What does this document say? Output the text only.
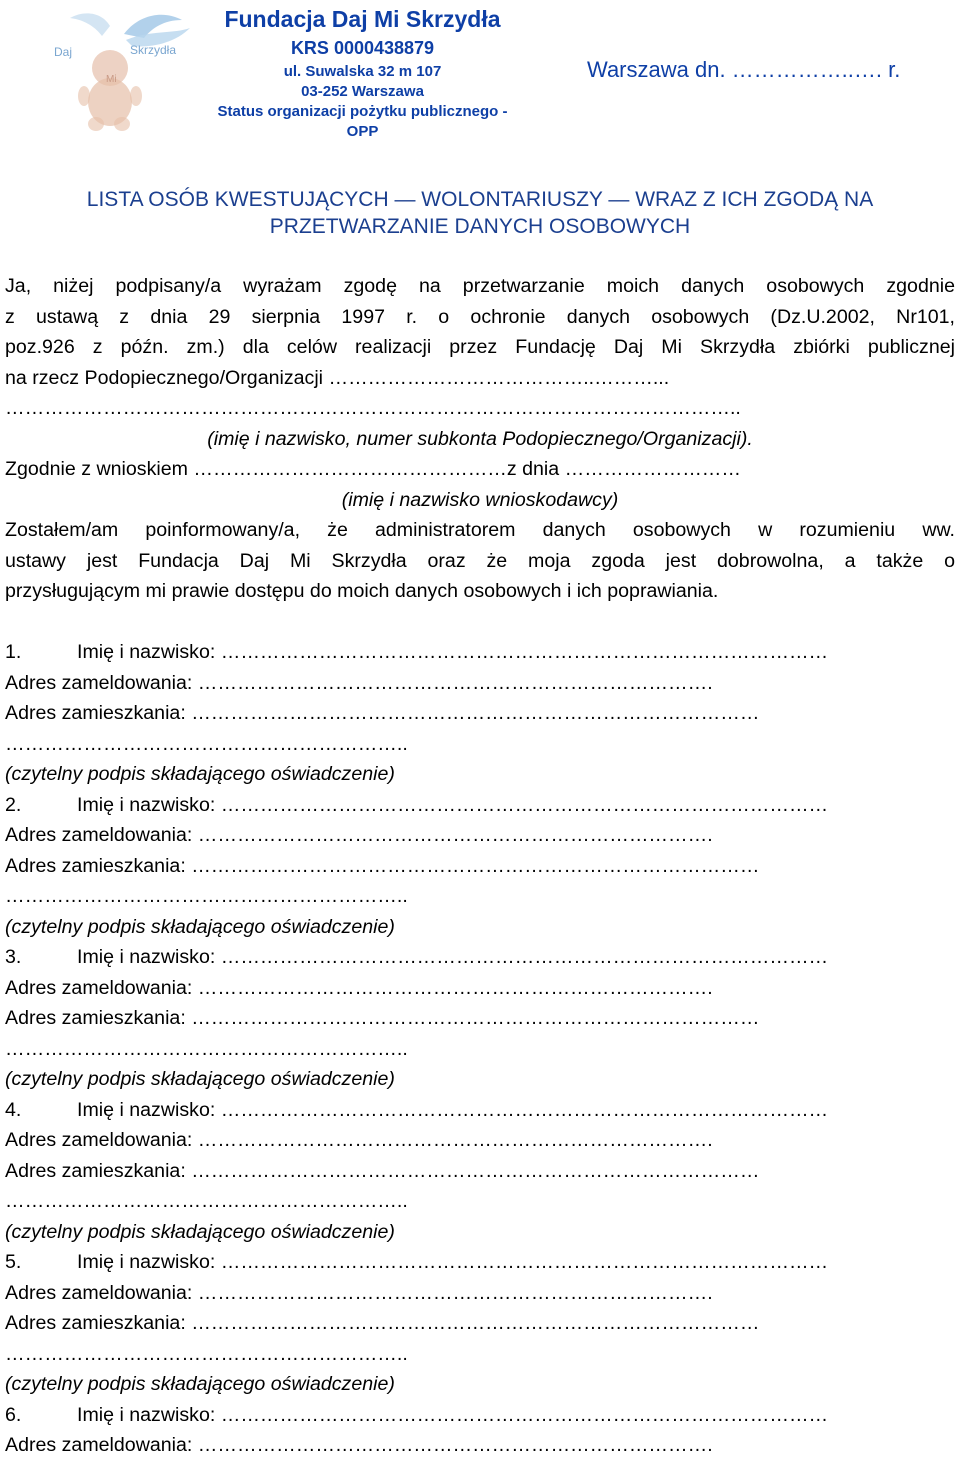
Daj	Skrzydła
Mi
Fundacja Daj Mi Skrzydła
KRS 0000438879
ul. Suwalska 32 m 107
03-252 Warszawa
Status organizacji pożytku publicznego -
OPP
Warszawa dn. ……………..…. r.
LISTA OSÓB KWESTUJĄCYCH — WOLONTARIUSZY — WRAZ Z ICH ZGODĄ NA
PRZETWARZANIE DANYCH OSOBOWYCH
Ja, niżej podpisany/a wyrażam zgodę na przetwarzanie moich danych osobowych zgodnie
z ustawą z dnia 29 sierpnia 1997 r. o ochronie danych osobowych (Dz.U.2002, Nr101,
poz.926 z późn. zm.) dla celów realizacji przez Fundację Daj Mi Skrzydła zbiórki publicznej
na rzecz Podopiecznego/Organizacji …………………………………..………...
…………………………………………………………………………………………………..
(imię i nazwisko, numer subkonta Podopiecznego/Organizacji).
Zgodnie z wnioskiem …………………………………………z dnia ………………………
(imię i nazwisko wnioskodawcy)
Zostałem/am poinformowany/a, że administratorem danych osobowych w rozumieniu ww.
ustawy jest Fundacja Daj Mi Skrzydła oraz że moja zgoda jest dobrowolna, a także o
przysługującym mi prawie dostępu do moich danych osobowych i ich poprawiania.
1.	Imię i nazwisko: …………………………………………………………………………………
Adres zameldowania: …………………………………………………………………….
Adres zamieszkania: ……………………………………………………………………………
……………………………………………………..
(czytelny podpis składającego oświadczenie)
2.	Imię i nazwisko: …………………………………………………………………………………
Adres zameldowania: …………………………………………………………………….
Adres zamieszkania: ……………………………………………………………………………
……………………………………………………..
(czytelny podpis składającego oświadczenie)
3.	Imię i nazwisko: …………………………………………………………………………………
Adres zameldowania: …………………………………………………………………….
Adres zamieszkania: ……………………………………………………………………………
……………………………………………………..
(czytelny podpis składającego oświadczenie)
4.	Imię i nazwisko: …………………………………………………………………………………
Adres zameldowania: …………………………………………………………………….
Adres zamieszkania: ……………………………………………………………………………
……………………………………………………..
(czytelny podpis składającego oświadczenie)
5.	Imię i nazwisko: …………………………………………………………………………………
Adres zameldowania: …………………………………………………………………….
Adres zamieszkania: ……………………………………………………………………………
……………………………………………………..
(czytelny podpis składającego oświadczenie)
6.	Imię i nazwisko: …………………………………………………………………………………
Adres zameldowania: …………………………………………………………………….
